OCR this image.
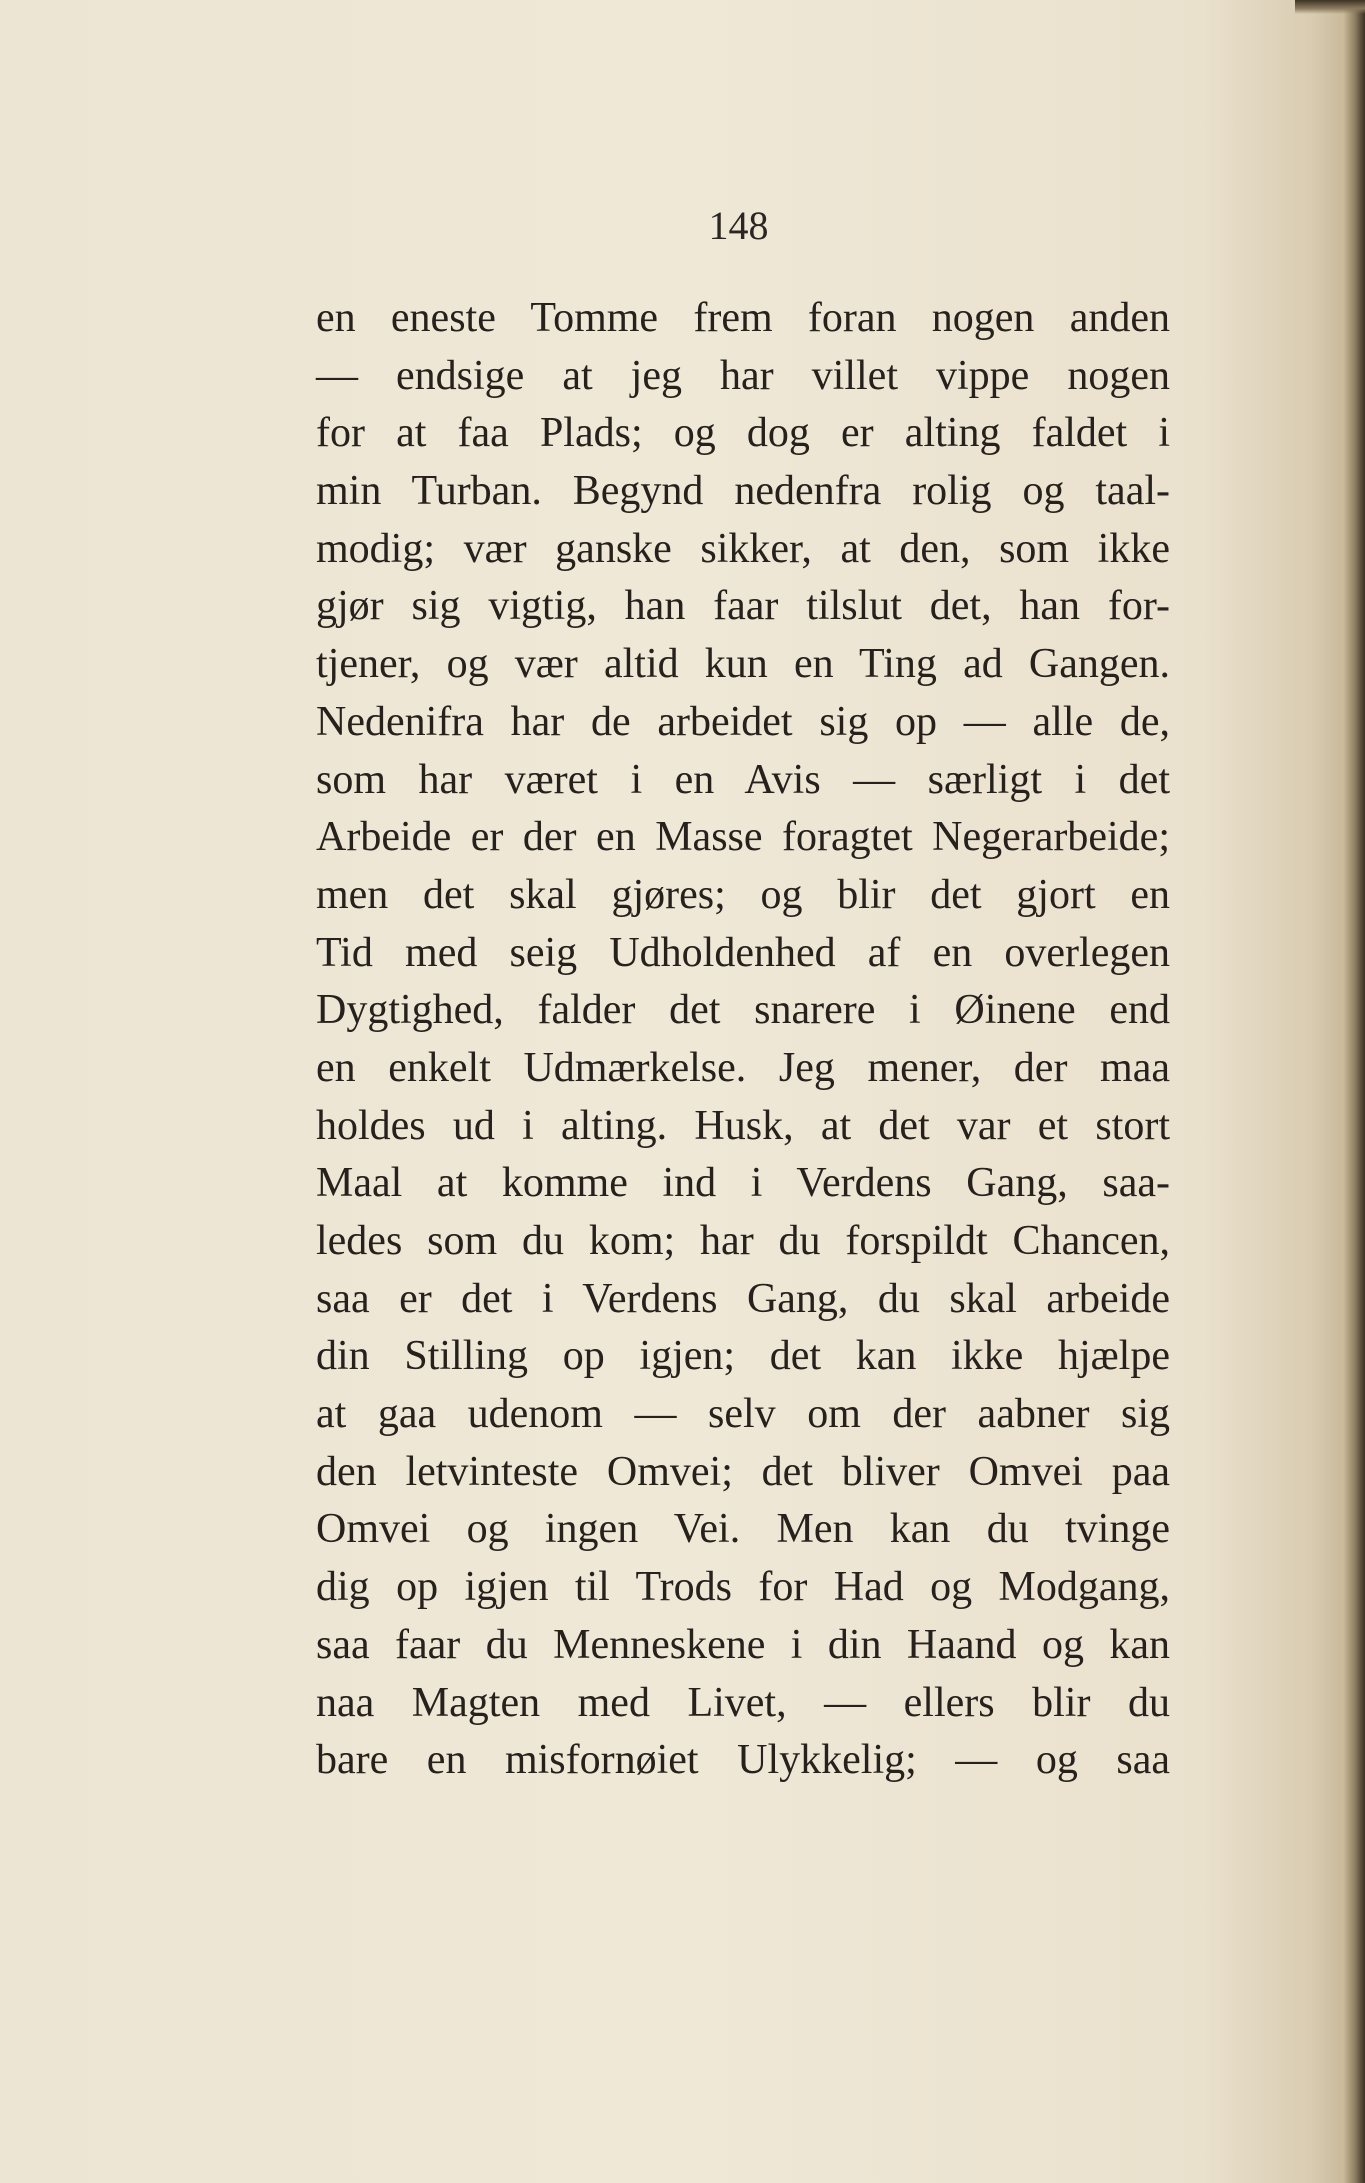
148
en eneste Tomme frem foran nogen anden
— endsige at jeg har villet vippe nogen
for at faa Plads; og dog er alting faldet i
min Turban. Begynd nedenfra rolig og taal-
modig; vær ganske sikker, at den, som ikke
gjør sig vigtig, han faar tilslut det, han for-
tjener, og vær altid kun en Ting ad Gangen.
Nedenifra har de arbeidet sig op — alle de,
som har været i en Avis — særligt i det
Arbeide er der en Masse foragtet Negerarbeide;
men det skal gjøres; og blir det gjort en
Tid med seig Udholdenhed af en overlegen
Dygtighed, falder det snarere i Øinene end
en enkelt Udmærkelse. Jeg mener, der maa
holdes ud i alting. Husk, at det var et stort
Maal at komme ind i Verdens Gang, saa-
ledes som du kom; har du forspildt Chancen,
saa er det i Verdens Gang, du skal arbeide
din Stilling op igjen; det kan ikke hjælpe
at gaa udenom — selv om der aabner sig
den letvinteste Omvei; det bliver Omvei paa
Omvei og ingen Vei. Men kan du tvinge
dig op igjen til Trods for Had og Modgang,
saa faar du Menneskene i din Haand og kan
naa Magten med Livet, — ellers blir du
bare en misfornøiet Ulykkelig; — og saa
